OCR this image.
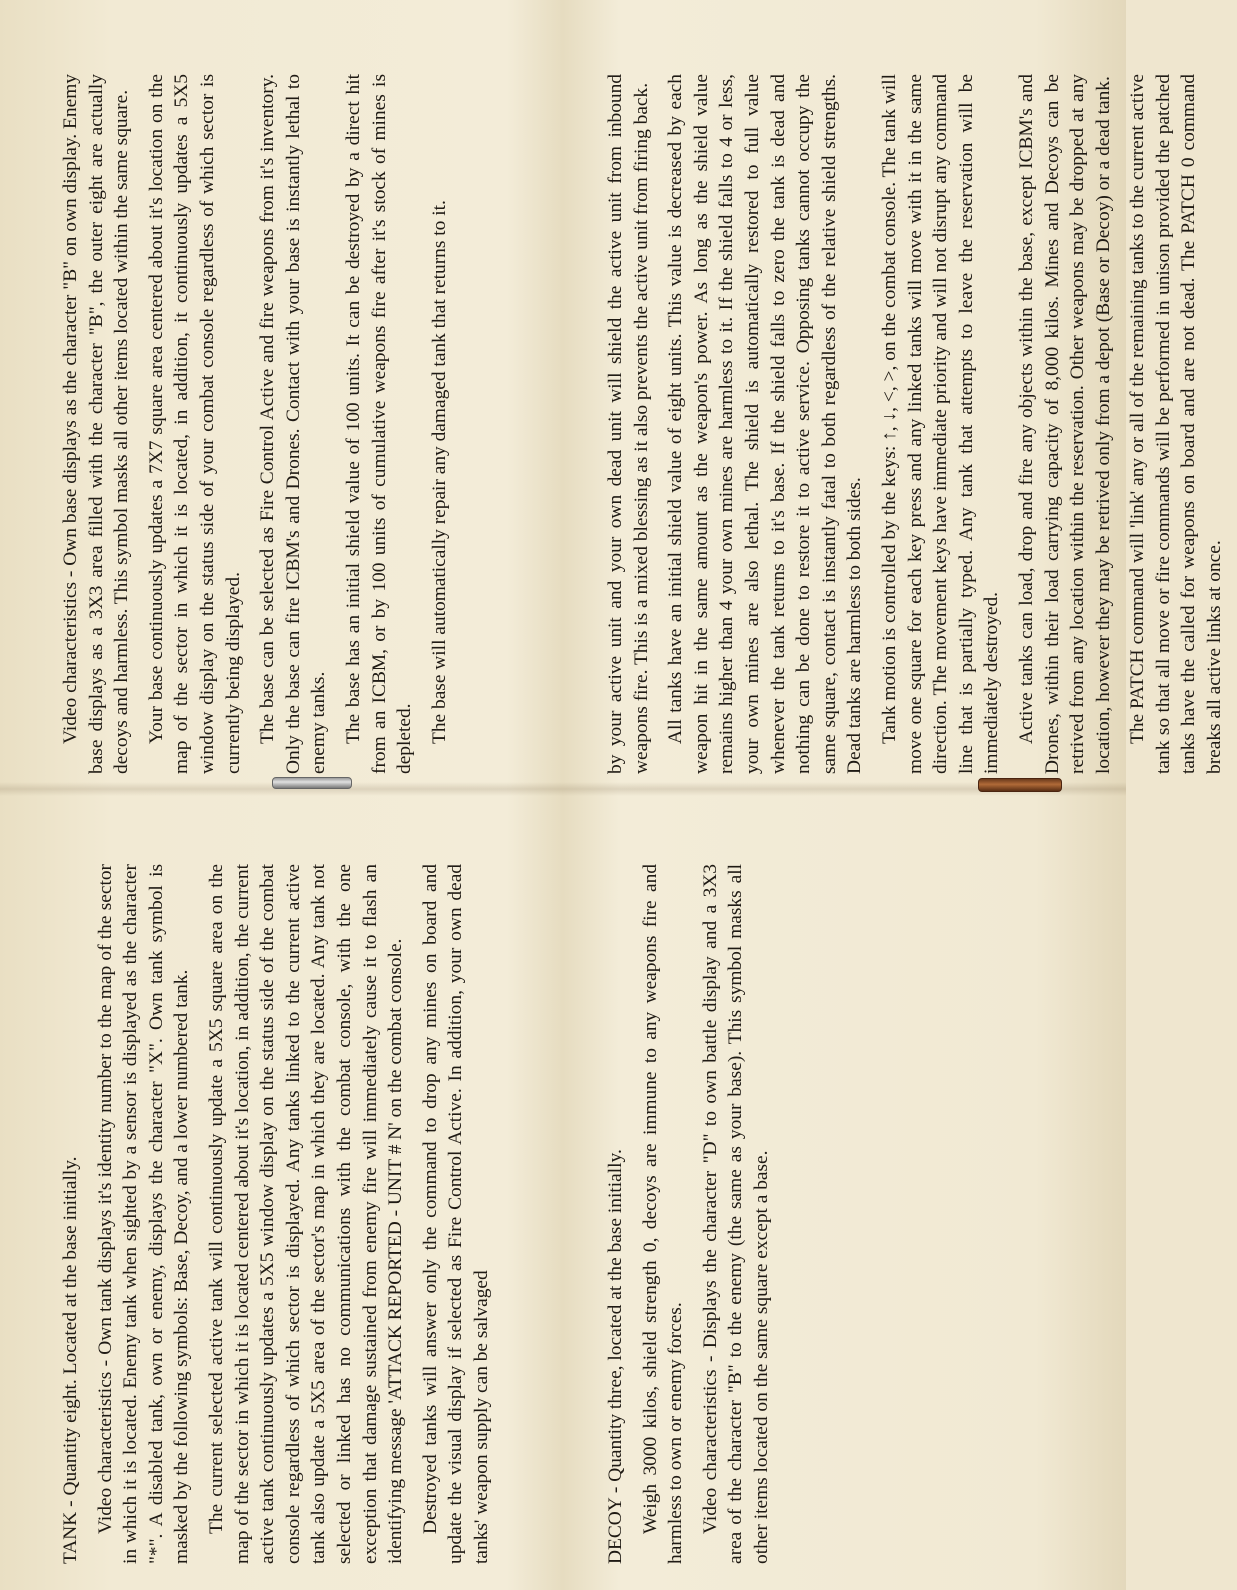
TANK - Quantity eight. Located at the base initially. Video characteristics - Own tank displays it's identity number to the map of the sector in which it is located. Enemy tank when sighted by a sensor is displayed as the character "*". A disabled tank, own or enemy, displays the character "X". Own tank symbol is masked by the following symbols: Base, Decoy, and a lower numbered tank. The current selected active tank will continuously update a 5X5 square area on the map of the sector in which it is located centered about it's location, in addition, the current active tank continuously updates a 5X5 window display on the status side of the combat console regardless of which sector is displayed. Any tanks linked to the current active tank also update a 5X5 area of the sector's map in which they are located. Any tank not selected or linked has no communications with the combat console, with the one exception that damage sustained from enemy fire will immediately cause it to flash an identifying message 'ATTACK REPORTED - UNIT # N' on the combat console. Destroyed tanks will answer only the command to drop any mines on board and update the visual display if selected as Fire Control Active. In addition, your own dead tanks' weapon supply can be salvaged

Video characteristics - Own base displays as the character "B" on own display. Enemy base displays as a 3X3 area filled with the character "B", the outer eight are actually decoys and harmless. This symbol masks all other items located within the same square. Your base continuously updates a 7X7 square area centered about it's location on the map of the sector in which it is located, in addition, it continuously updates a 5X5 window display on the status side of your combat console regardless of which sector is currently being displayed. The base can be selected as Fire Control Active and fire weapons from it's inventory. Only the base can fire ICBM's and Drones. Contact with your base is instantly lethal to enemy tanks. The base has an initial shield value of 100 units. It can be destroyed by a direct hit from an ICBM, or by 100 units of cumulative weapons fire after it's stock of mines is depleted. The base will automatically repair any damaged tank that returns to it.

DECOY - Quantity three, located at the base initially. Weigh 3000 kilos, shield strength 0, decoys are immune to any weapons fire and harmless to own or enemy forces. Video characteristics - Displays the character "D" to own battle display and a 3X3 area of the character "B" to the enemy (the same as your base). This symbol masks all other items located on the same square except a base.

by your active unit and your own dead unit will shield the active unit from inbound weapons fire. This is a mixed blessing as it also prevents the active unit from firing back. All tanks have an initial shield value of eight units. This value is decreased by each weapon hit in the same amount as the weapon's power. As long as the shield value remains higher than 4 your own mines are harmless to it. If the shield falls to 4 or less, your own mines are also lethal. The shield is automatically restored to full value whenever the tank returns to it's base. If the shield falls to zero the tank is dead and nothing can be done to restore it to active service. Opposing tanks cannot occupy the same square, contact is instantly fatal to both regardless of the relative shield strengths. Dead tanks are harmless to both sides. Tank motion is controlled by the keys: ↑, ↓, <, >, on the combat console. The tank will move one square for each key press and any linked tanks will move with it in the same direction. The movement keys have immediate priority and will not disrupt any command line that is partially typed. Any tank that attempts to leave the reservation will be immediately destroyed. Active tanks can load, drop and fire any objects within the base, except ICBM's and Drones, within their load carrying capacity of 8,000 kilos. Mines and Decoys can be retrived from any location within the reservation. Other weapons may be dropped at any location, however they may be retrived only from a depot (Base or Decoy) or a dead tank. The PATCH command will 'link' any or all of the remaining tanks to the current active tank so that all move or fire commands will be performed in unison provided the patched tanks have the called for weapons on board and are not dead. The PATCH 0 command breaks all active links at once.
